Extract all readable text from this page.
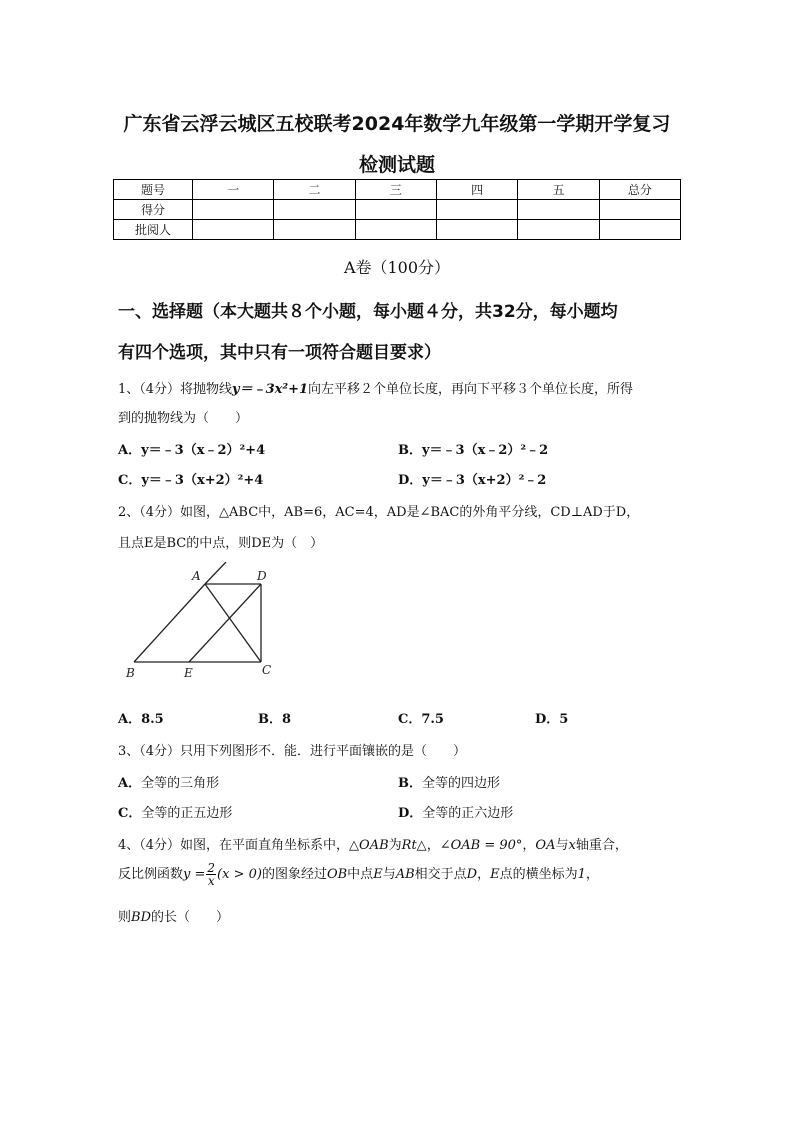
广东省云浮云城区五校联考2024年数学九年级第一学期开学复习
检测试题
题号	一	二	三	四	五	总分
得分						
批阅人						
A卷（100分）
一、选择题（本大题共８个小题，每小题４分，共32分，每小题均
有四个选项，其中只有一项符合题目要求）
1、（4分）将抛物线y＝﹣3x²+1向左平移２个单位长度，再向下平移３个单位长度，所得
到的抛物线为（　　）
A．y＝﹣3（x﹣2）²+4	B．y＝﹣3（x﹣2）²﹣2
C．y＝﹣3（x+2）²+4	D．y＝﹣3（x+2）²﹣2
2、（4分）如图，△ABC中，AB=6，AC=4，AD是∠BAC的外角平分线，CD⊥AD于D，
且点E是BC的中点，则DE为（　）
A	D
B	E	C
A．8.5	B．8	C．7.5	D．5
3、（4分）只用下列图形不．能．进行平面镶嵌的是（　　）
A．全等的三角形	B．全等的四边形
C．全等的正五边形	D．全等的正六边形
4、（4分）如图，在平面直角坐标系中，△OAB为Rt△，∠OAB = 90°，OA与x轴重合，
反比例函数$y = \frac{2}{x} (x > 0)$的图象经过OB中点E与AB相交于点D，E点的横坐标为1，
则BD的长（　　）
